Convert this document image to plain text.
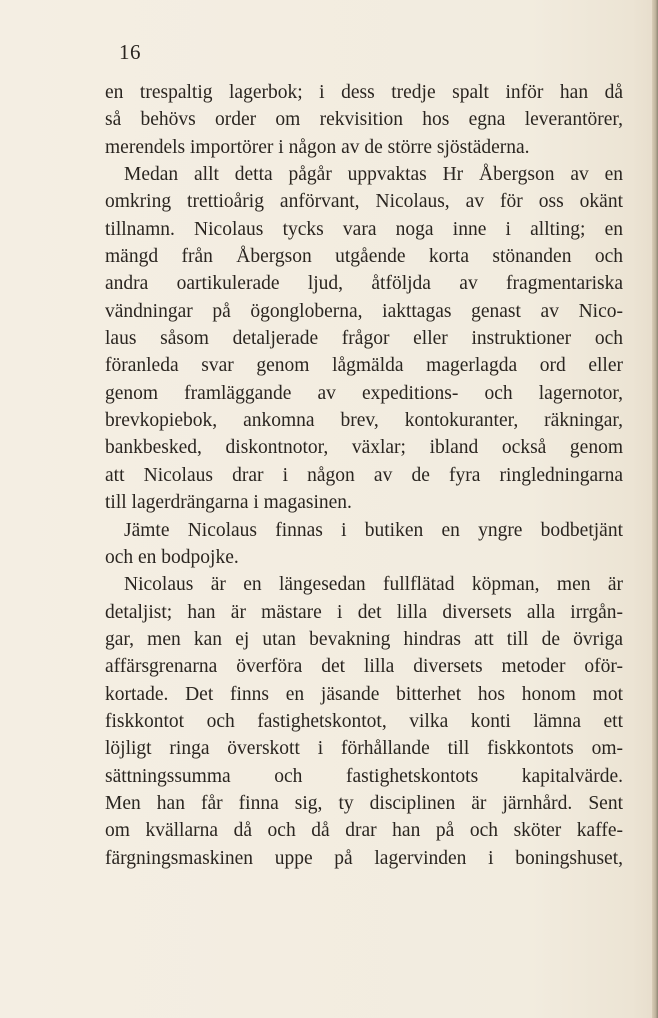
16
en trespaltig lagerbok; i dess tredje spalt inför han då
så behövs order om rekvisition hos egna leverantörer,
merendels importörer i någon av de större sjöstäderna.
Medan allt detta pågår uppvaktas Hr Åbergson av en
omkring trettioårig anförvant, Nicolaus, av för oss okänt
tillnamn. Nicolaus tycks vara noga inne i allting; en
mängd från Åbergson utgående korta stönanden och
andra oartikulerade ljud, åtföljda av fragmentariska
vändningar på ögongloberna, iakttagas genast av Nico-
laus såsom detaljerade frågor eller instruktioner och
föranleda svar genom lågmälda magerlagda ord eller
genom framläggande av expeditions- och lagernotor,
brevkopiebok, ankomna brev, kontokuranter, räkningar,
bankbesked, diskontnotor, växlar; ibland också genom
att Nicolaus drar i någon av de fyra ringledningarna
till lagerdrängarna i magasinen.
Jämte Nicolaus finnas i butiken en yngre bodbetjänt
och en bodpojke.
Nicolaus är en längesedan fullflätad köpman, men är
detaljist; han är mästare i det lilla diversets alla irrgån-
gar, men kan ej utan bevakning hindras att till de övriga
affärsgrenarna överföra det lilla diversets metoder oför-
kortade. Det finns en jäsande bitterhet hos honom mot
fiskkontot och fastighetskontot, vilka konti lämna ett
löjligt ringa överskott i förhållande till fiskkontots om-
sättningssumma och fastighetskontots kapitalvärde.
Men han får finna sig, ty disciplinen är järnhård. Sent
om kvällarna då och då drar han på och sköter kaffe-
färgningsmaskinen uppe på lagervinden i boningshuset,
